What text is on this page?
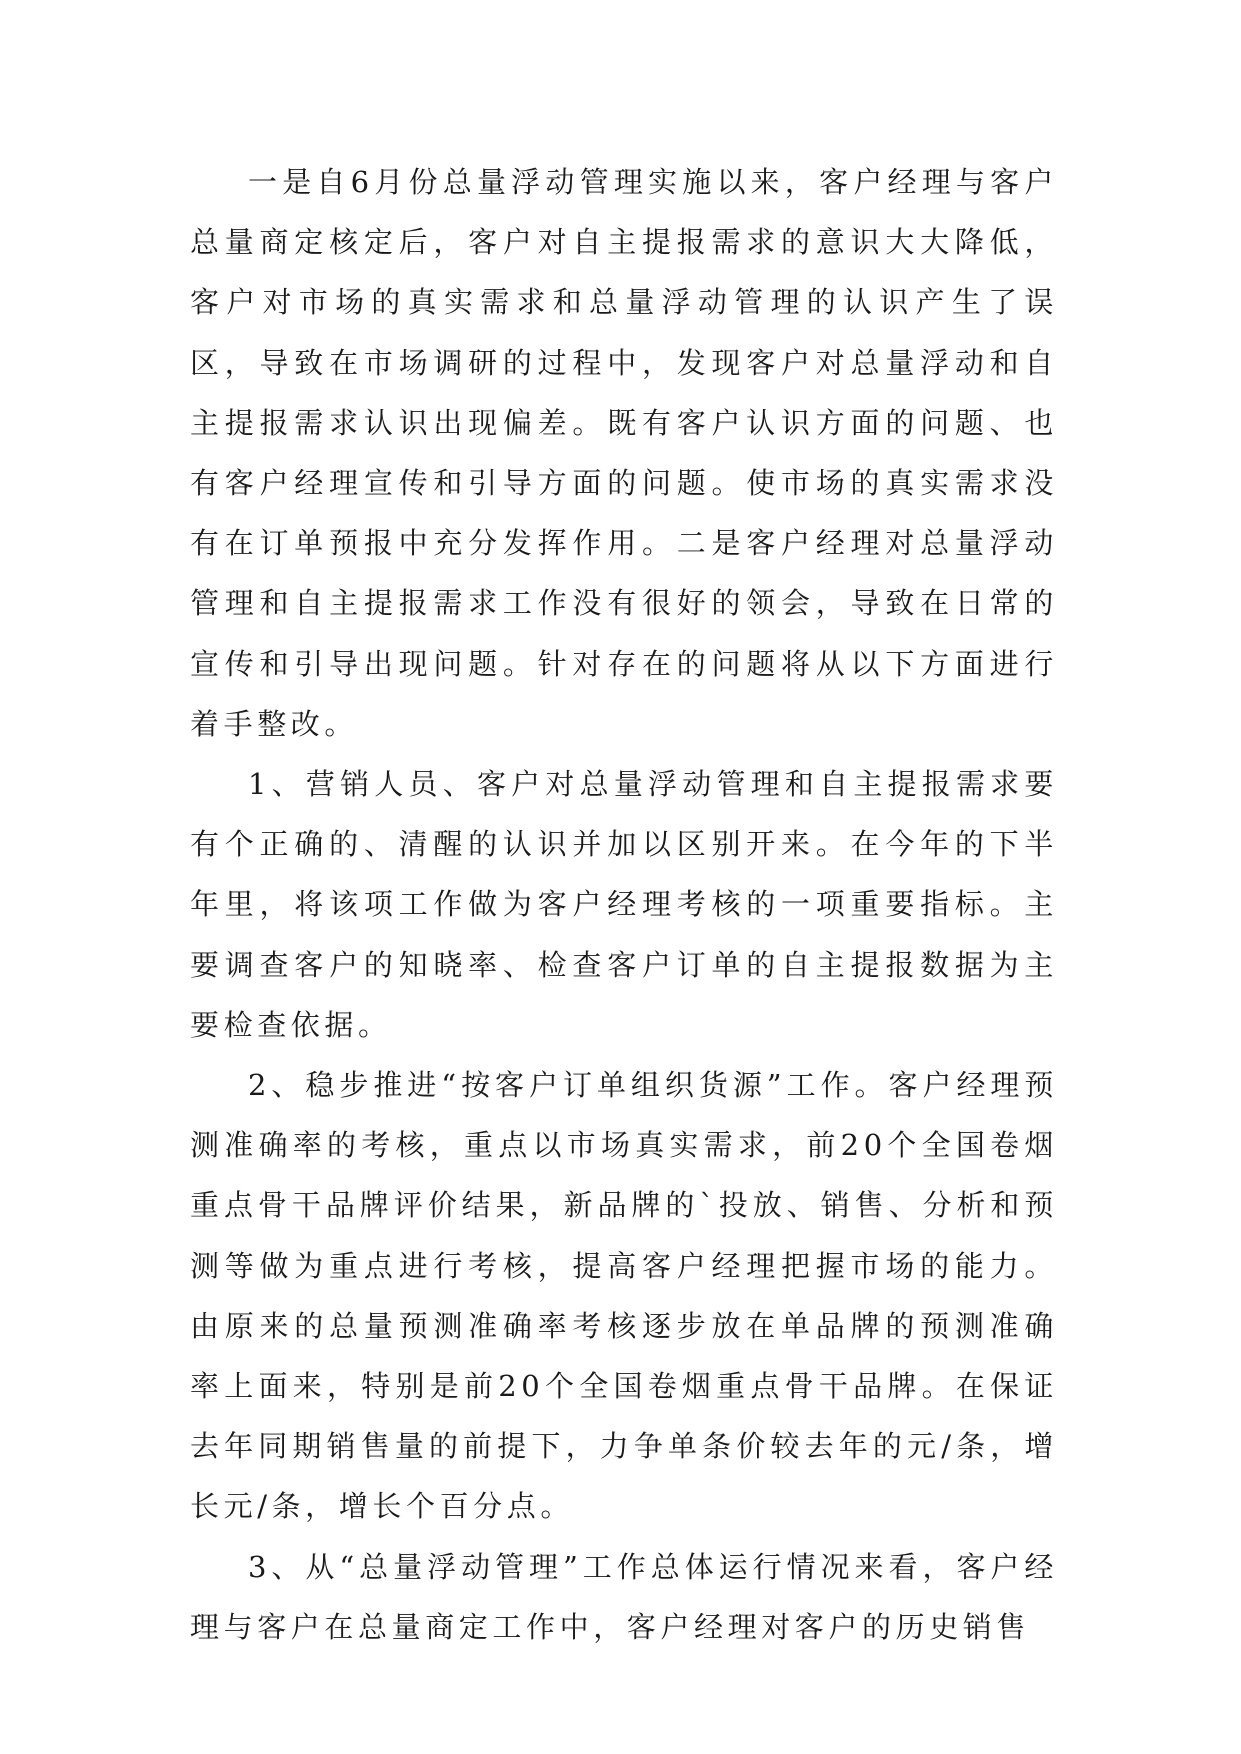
一是自6月份总量浮动管理实施以来，客户经理与客户总量商定核定后，客户对自主提报需求的意识大大降低，客户对市场的真实需求和总量浮动管理的认识产生了误区，导致在市场调研的过程中，发现客户对总量浮动和自主提报需求认识出现偏差。既有客户认识方面的问题、也有客户经理宣传和引导方面的问题。使市场的真实需求没有在订单预报中充分发挥作用。二是客户经理对总量浮动管理和自主提报需求工作没有很好的领会，导致在日常的宣传和引导出现问题。针对存在的问题将从以下方面进行着手整改。

1、营销人员、客户对总量浮动管理和自主提报需求要有个正确的、清醒的认识并加以区别开来。在今年的下半年里，将该项工作做为客户经理考核的一项重要指标。主要调查客户的知晓率、检查客户订单的自主提报数据为主要检查依据。

2、稳步推进“按客户订单组织货源”工作。客户经理预测准确率的考核，重点以市场真实需求，前20个全国卷烟重点骨干品牌评价结果，新品牌的`投放、销售、分析和预测等做为重点进行考核，提高客户经理把握市场的能力。由原来的总量预测准确率考核逐步放在单品牌的预测准确率上面来，特别是前20个全国卷烟重点骨干品牌。在保证去年同期销售量的前提下，力争单条价较去年的元/条，增长元/条，增长个百分点。

3、从“总量浮动管理”工作总体运行情况来看，客户经理与客户在总量商定工作中，客户经理对客户的历史销售
